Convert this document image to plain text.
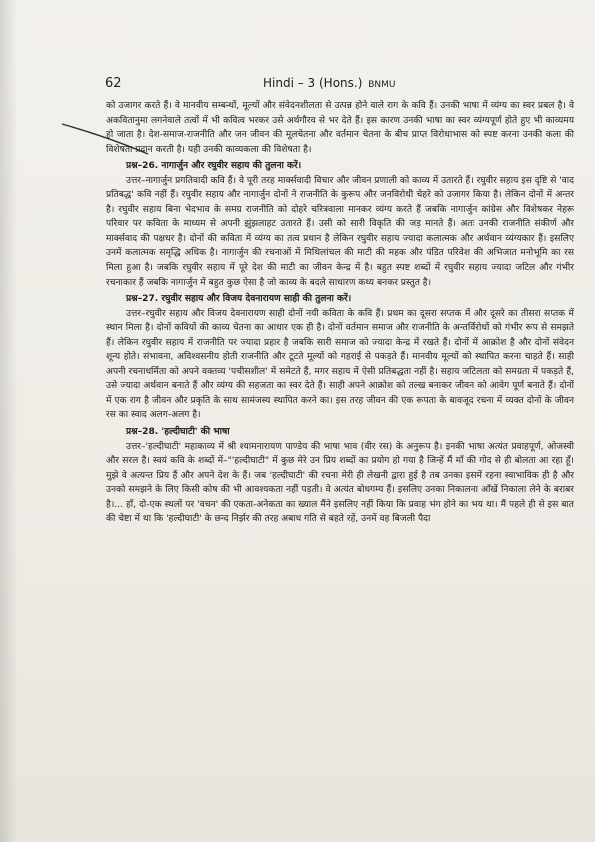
62	Hindi – 3 (Hons.) BNMU

को उजागर करते हैं। वे मानवीय सम्बन्धों, मूल्यों और संवेदनशीलता से उत्पन्न होने वाले राग के कवि हैं। उनकी भाषा में व्यंग्य का स्वर प्रबल है। वे अकवितानुमा लगनेवाले तत्वों में भी कवित्व भरकर उसे अर्थगौरव से भर देते हैं। इस कारण उनकी भाषा का स्वर व्यंग्यपूर्ण होते हुए भी काव्यमय हो जाता है। देश-समाज-राजनीति और जन जीवन की मूलचेतना और वर्तमान चेतना के बीच प्राप्त विरोधाभास को स्पष्ट करना उनकी कला की विशेषता प्रदान करती है। यही उनकी काव्यकला की विशेषता है।

प्रश्न–26. नागार्जुन और रघुवीर सहाय की तुलना करें।

उत्तर–नागार्जुन प्रगतिवादी कवि हैं। वे पूरी तरह मार्क्सवादी विचार और जीवन प्रणाली को काव्य में उतारते हैं। रघुवीर सहाय इस दृष्टि से 'वाद प्रतिबद्ध' कवि नहीं हैं। रघुवीर सहाय और नागार्जुन दोनों ने राजनीति के कुरूप और जनविरोधी चेहरे को उजागर किया है। लेकिन दोनों में अन्तर है। रघुवीर सहाय बिना भेदभाव के समग्र राजनीति को दोहरे चरित्रवाला मानकर व्यंग्य करते हैं जबकि नागार्जुन कांग्रेस और विशेषकर नेहरू परिवार पर कविता के माध्यम से अपनी झुंझलाहट उतारते हैं। उसी को सारी विकृति की जड़ मानते हैं। अतः उनकी राजनीति संकीर्ण और मार्क्सवाद की पक्षधर है। दोनों की कविता में व्यंग्य का तत्व प्रधान है लेकिन रघुवीर सहाय ज्यादा कलात्मक और अर्थवान व्यंग्यकार हैं। इसलिए उनमें कलात्मक समृद्धि अधिक है। नागार्जुन की रचनाओं में मिथिलांचल की माटी की महक और पंडित परिवेश की अभिजात मनोभूमि का रस मिला हुआ है। जबकि रघुवीर सहाय में पूरे देश की माटी का जीवन केन्द्र में है। बहुत स्पष्ट शब्दों में रघुवीर सहाय ज्यादा जटिल और गंभीर रचनाकार हैं जबकि नागार्जुन में बहुत कुछ ऐसा है जो काव्य के बदले साधारण कथ्य बनकर प्रस्तुत है।

प्रश्न–27. रघुवीर सहाय और विजय देवनारायण साही की तुलना करें।

उत्तर–रघुवीर सहाय और विजय देवनारायण साही दोनों नयी कविता के कवि हैं। प्रथम का दूसरा सप्तक में और दूसरे का तीसरा सप्तक में स्थान मिला है। दोनों कवियों की काव्य चेतना का आधार एक ही है। दोनों वर्तमान समाज और राजनीति के अन्तर्विरोधों को गंभीर रूप से समझते हैं। लेकिन रघुवीर सहाय में राजनीति पर ज्यादा प्रहार है जबकि सारी समाज को ज्यादा केन्द्र में रखते हैं। दोनों में आक्रोश है और दोनों संवेदन शून्य होते। संभावना, अविश्वसनीय होती राजनीति और टूटते मूल्यों को गहराई से पकड़ते हैं। मानवीय मूल्यों को स्थापित करना चाहते हैं। साही अपनी रचनाधर्मिता को अपने वक्तव्य 'पचीसशील' में समेटते हैं, मगर सहाय में ऐसी प्रतिबद्धता नहीं है। सहाय जटिलता को समग्रता में पकड़ते हैं, उसे ज्यादा अर्थवान बनाते हैं और व्यंग्य की सहजता का स्वर देते हैं। साही अपने आक्रोश को तल्ख बनाकर जीवन को आवेग पूर्ण बनाते हैं। दोनों में एक राग है जीवन और प्रकृति के साथ सामंजस्य स्थापित करने का। इस तरह जीवन की एक रूपता के बावजूद रचना में व्यक्त दोनों के जीवन रस का स्वाद अलग-अलग है।

प्रश्न–28. 'हल्दीघाटी' की भाषा

उत्तर–'हल्दीघाटी' महाकाव्य में श्री श्यामनारायण पाण्डेय की भाषा भाव (वीर रस) के अनुरूप है। इनकी भाषा अत्यंत प्रवाहपूर्ण, ओजस्वी और सरल है। स्वयं कवि के शब्दों में–"'हल्दीघाटी" में कुछ मेरे उन प्रिय शब्दों का प्रयोग हो गया है जिन्हें मैं माँ की गोद से ही बोलता आ रहा हूँ। मुझे वे अत्यन्त प्रिय हैं और अपने देश के हैं। जब 'हल्दीघाटी' की रचना मेरी ही लेखनी द्वारा हुई है तब उनका इसमें रहना स्वाभाविक ही है और उनको समझने के लिए किसी कोष की भी आवश्यकता नहीं पड़ती। वे अत्यंत बोधगम्य हैं। इसलिए उनका निकालना आँखें निकाला लेने के बराबर है।... हाँ, दो-एक स्थलों पर 'वचन' की एकता-अनेकता का ख्याल मैंने इसलिए नहीं किया कि प्रवाह भंग होने का भय था। मैं पहले ही से इस बात की चेष्टा में था कि 'हल्दीघाटी' के छन्द निर्झर की तरह अबाध गति से बहते रहें, उनमें वह बिजली पैदा
